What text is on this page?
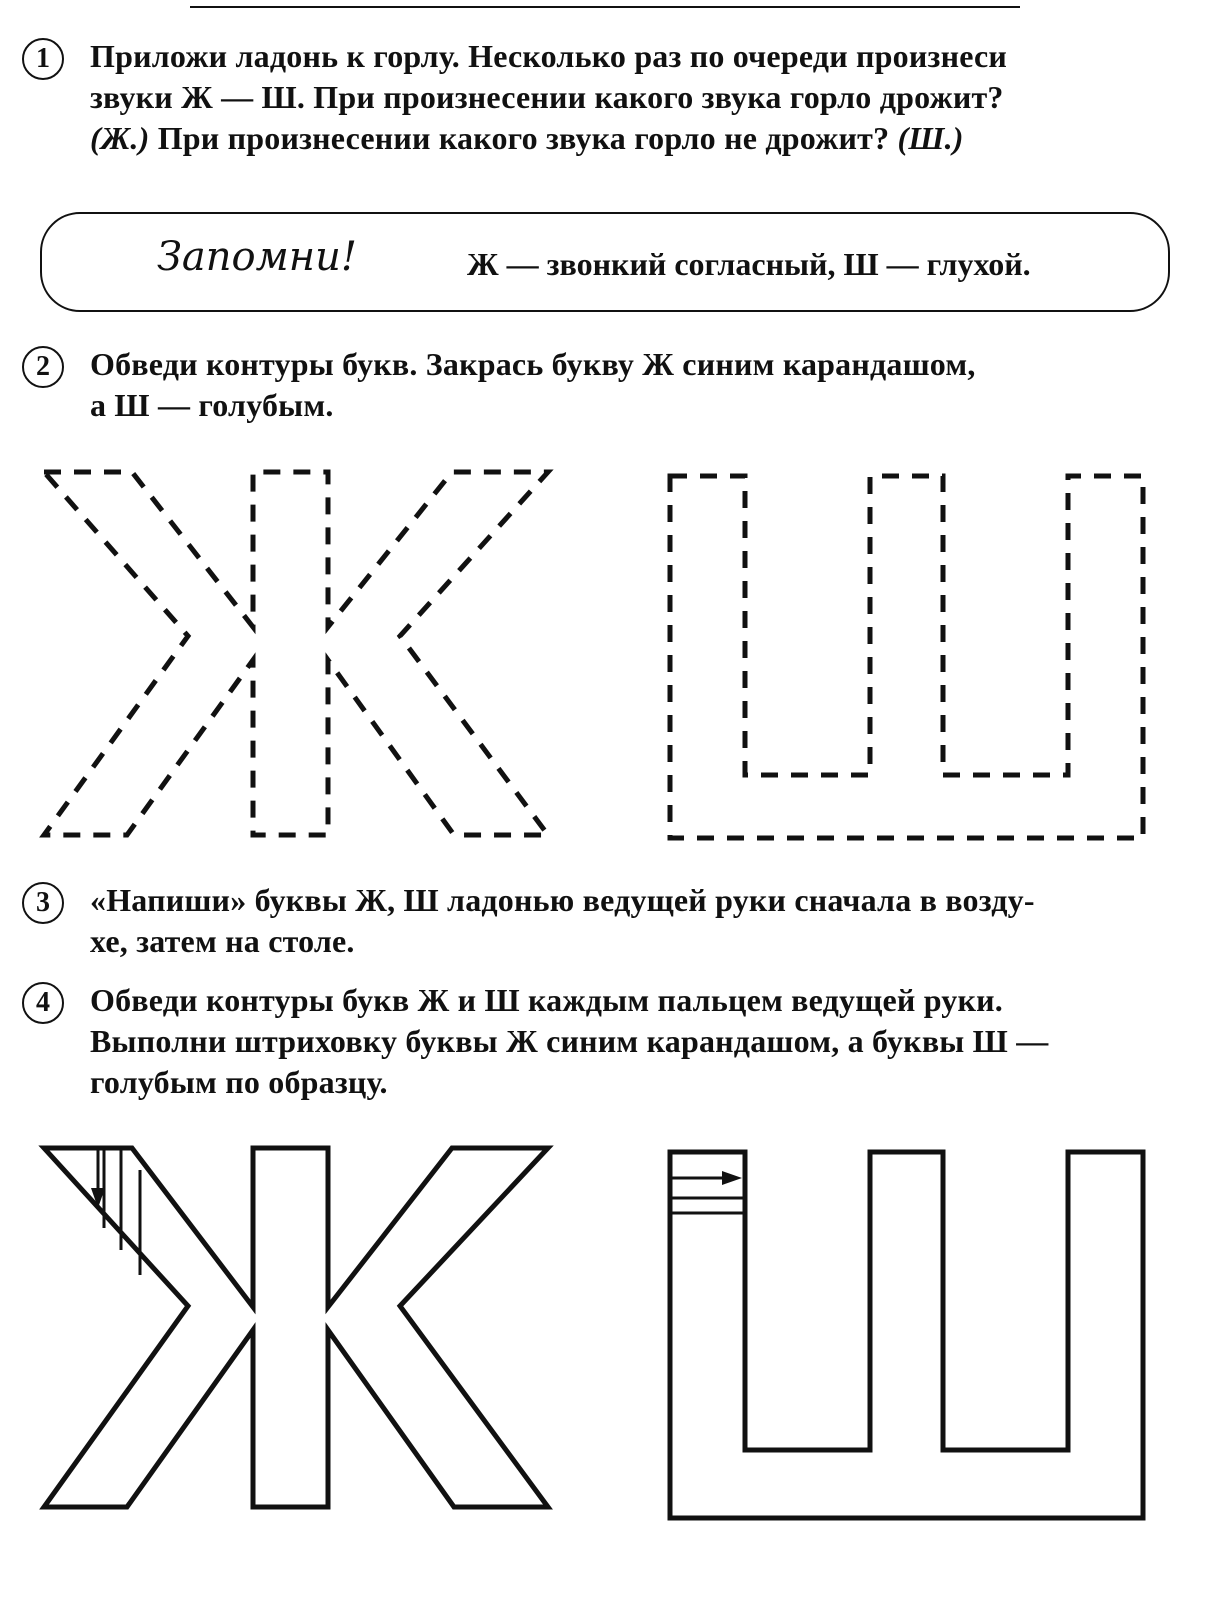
1	Приложи ладонь к горлу. Несколько раз по очереди произнеси
звуки Ж — Ш. При произнесении какого звука горло дрожит?
(Ж.) При произнесении какого звука горло не дрожит? (Ш.)
Запомни!	Ж — звонкий согласный, Ш — глухой.
2	Обведи контуры букв. Закрась букву Ж синим карандашом,
а Ш — голубым.
3	«Напиши» буквы Ж, Ш ладонью ведущей руки сначала в возду-
хе, затем на столе.
4	Обведи контуры букв Ж и Ш каждым пальцем ведущей руки.
Выполни штриховку буквы Ж синим карандашом, а буквы Ш —
голубым по образцу.
